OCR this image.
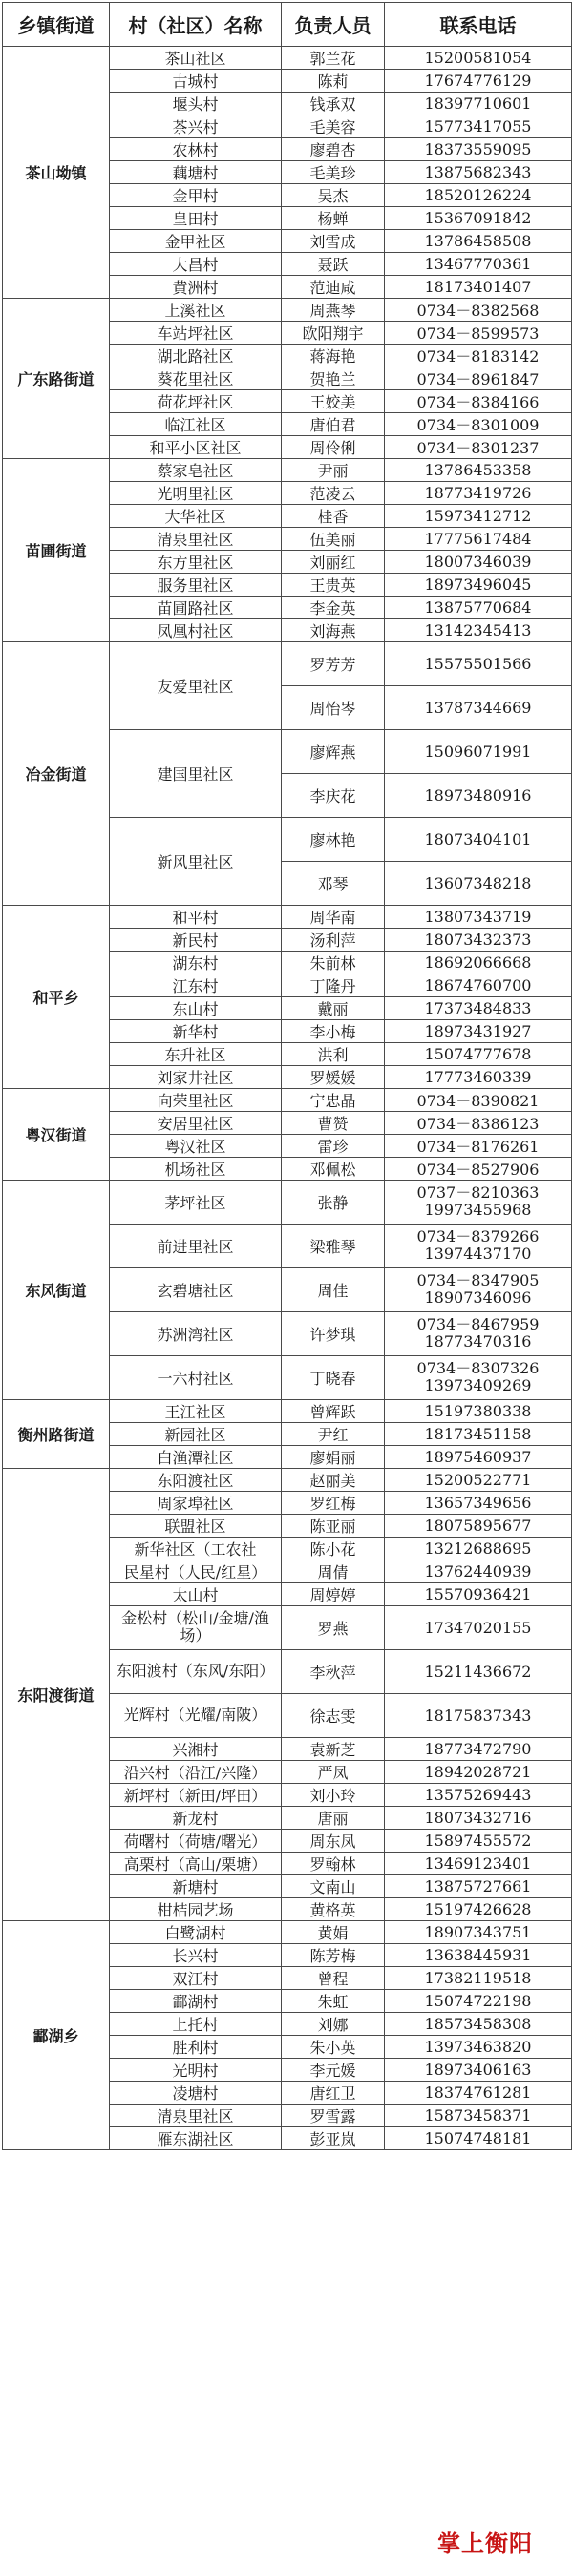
乡镇街道	村（社区）名称	负责人员	联系电话
茶山坳镇	茶山社区	郭兰花	15200581054
	古城村	陈莉	17674776129
	堰头村	钱承双	18397710601
	茶兴村	毛美容	15773417055
	农林村	廖碧杏	18373559095
	藕塘村	毛美珍	13875682343
	金甲村	吴杰	18520126224
	皇田村	杨蝉	15367091842
	金甲社区	刘雪成	13786458508
	大昌村	聂跃	13467770361
	黄洲村	范迪咸	18173401407
广东路街道	上溪社区	周燕琴	0734－8382568
	车站坪社区	欧阳翔宇	0734－8599573
	湖北路社区	蒋海艳	0734－8183142
	葵花里社区	贺艳兰	0734－8961847
	荷花坪社区	王姣美	0734－8384166
	临江社区	唐伯君	0734－8301009
	和平小区社区	周伶俐	0734－8301237
苗圃街道	蔡家皂社区	尹丽	13786453358
	光明里社区	范凌云	18773419726
	大华社区	桂香	15973412712
	清泉里社区	伍美丽	17775617484
	东方里社区	刘丽红	18007346039
	服务里社区	王贵英	18973496045
	苗圃路社区	李金英	13875770684
	凤凰村社区	刘海燕	13142345413
冶金街道	友爱里社区	罗芳芳	15575501566
		周怡岑	13787344669
	建国里社区	廖辉燕	15096071991
		李庆花	18973480916
	新风里社区	廖林艳	18073404101
		邓琴	13607348218
和平乡	和平村	周华南	13807343719
	新民村	汤利萍	18073432373
	湖东村	朱前林	18692066668
	江东村	丁隆丹	18674760700
	东山村	戴丽	17373484833
	新华村	李小梅	18973431927
	东升社区	洪利	15074777678
	刘家井社区	罗媛媛	17773460339
粤汉街道	向荣里社区	宁忠晶	0734－8390821
	安居里社区	曹赞	0734－8386123
	粤汉社区	雷珍	0734－8176261
	机场社区	邓佩松	0734－8527906
东风街道	茅坪社区	张静	0737－8210363
19973455968

	前进里社区	梁雅琴	0734－8379266
13974437170

	玄碧塘社区	周佳	0734－8347905
18907346096

	苏洲湾社区	许梦琪	0734－8467959
18773470316

	一六村社区	丁晓春	0734－8307326
13973409269

衡州路街道	王江社区	曾辉跃	15197380338
	新园社区	尹红	18173451158
	白渔潭社区	廖娟丽	18975460937
东阳渡街道	东阳渡社区	赵丽美	15200522771
	周家埠社区	罗红梅	13657349656
	联盟社区	陈亚丽	18075895677
	新华社区（工农社	陈小花	13212688695
	民星村（人民/红星）	周倩	13762440939
	太山村	周婷婷	15570936421
	金松村（松山/金塘/渔场）	罗燕	17347020155
	东阳渡村（东风/东阳）	李秋萍	15211436672
	光辉村（光耀/南陂）	徐志雯	18175837343
	兴湘村	袁新芝	18773472790
	沿兴村（沿江/兴隆）	严凤	18942028721
	新坪村（新田/坪田）	刘小玲	13575269443
	新龙村	唐丽	18073432716
	荷曙村（荷塘/曙光）	周东凤	15897455572
	高栗村（高山/栗塘）	罗翰林	13469123401
	新塘村	文南山	13875727661
	柑桔园艺场	黄格英	15197426628
酃湖乡	白鹭湖村	黄娟	18907343751
	长兴村	陈芳梅	13638445931
	双江村	曾程	17382119518
	酃湖村	朱虹	15074722198
	上托村	刘娜	18573458308
	胜利村	朱小英	13973463820
	光明村	李元媛	18973406163
	凌塘村	唐红卫	18374761281
	清泉里社区	罗雪露	15873458371
	雁东湖社区	彭亚岚	15074748181
掌上衡阳
